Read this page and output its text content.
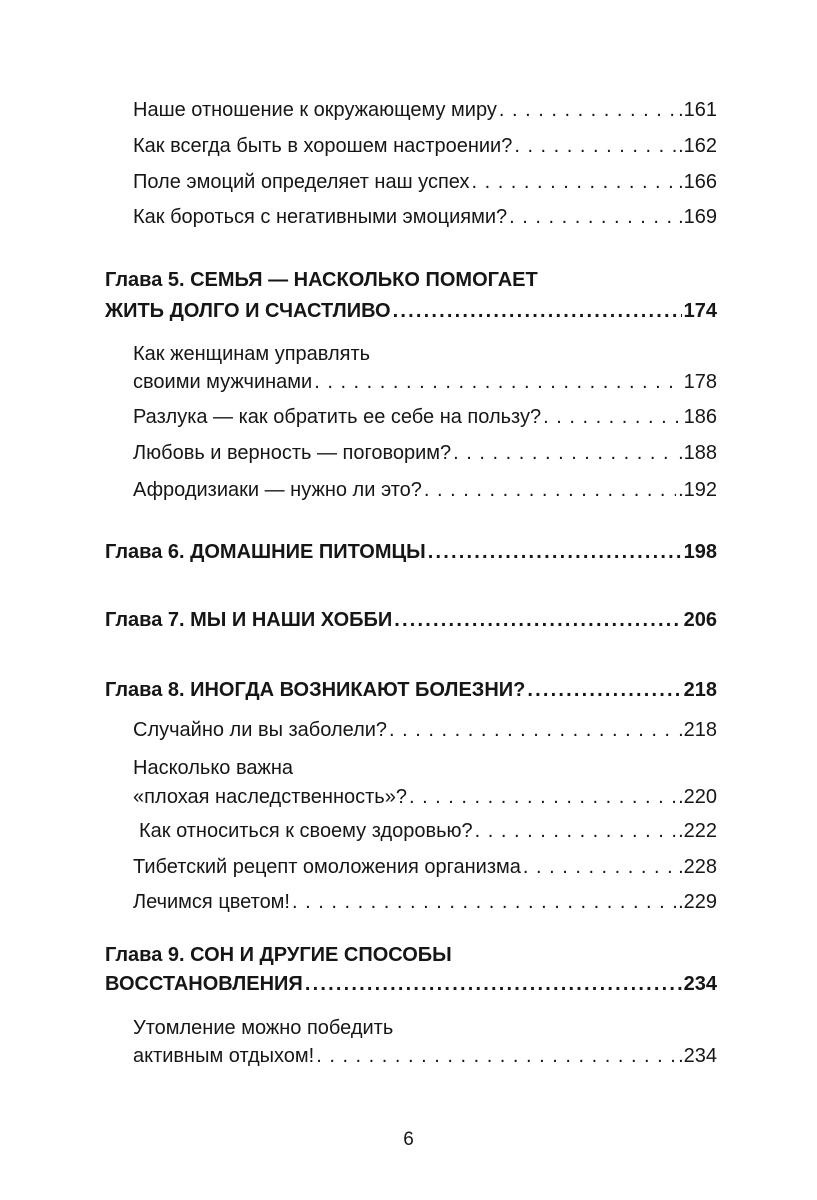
Наше отношение к окружающему миру . . .	.161
Как всегда быть в хорошем настроении? . . .	.162
Поле эмоций определяет наш успех . . .	.166
Как бороться с негативными эмоциями? . . .	.169
Глава 5. СЕМЬЯ — НАСКОЛЬКО ПОМОГАЕТ
ЖИТЬ ДОЛГО И СЧАСТЛИВО .....	174
Как женщинам управлять
своими мужчинами . . .	178
Разлука — как обратить ее себе на пользу? . . .	186
Любовь и верность — поговорим? . . .	.188
Афродизиаки — нужно ли это? . . .	.192
Глава 6. ДОМАШНИЕ ПИТОМЦЫ .....	198
Глава 7. МЫ И НАШИ ХОББИ .....	206
Глава 8. ИНОГДА ВОЗНИКАЮТ БОЛЕЗНИ? .....	218
Случайно ли вы заболели? . . .	.218
Насколько важна
«плохая наследственность»? . . .	.220
Как относиться к своему здоровью? . . .	.222
Тибетский рецепт омоложения организма . . .	.228
Лечимся цветом! . . .	.229
Глава 9. СОН И ДРУГИЕ СПОСОБЫ
ВОССТАНОВЛЕНИЯ .....	234
Утомление можно победить
активным отдыхом! . . .	.234
6
